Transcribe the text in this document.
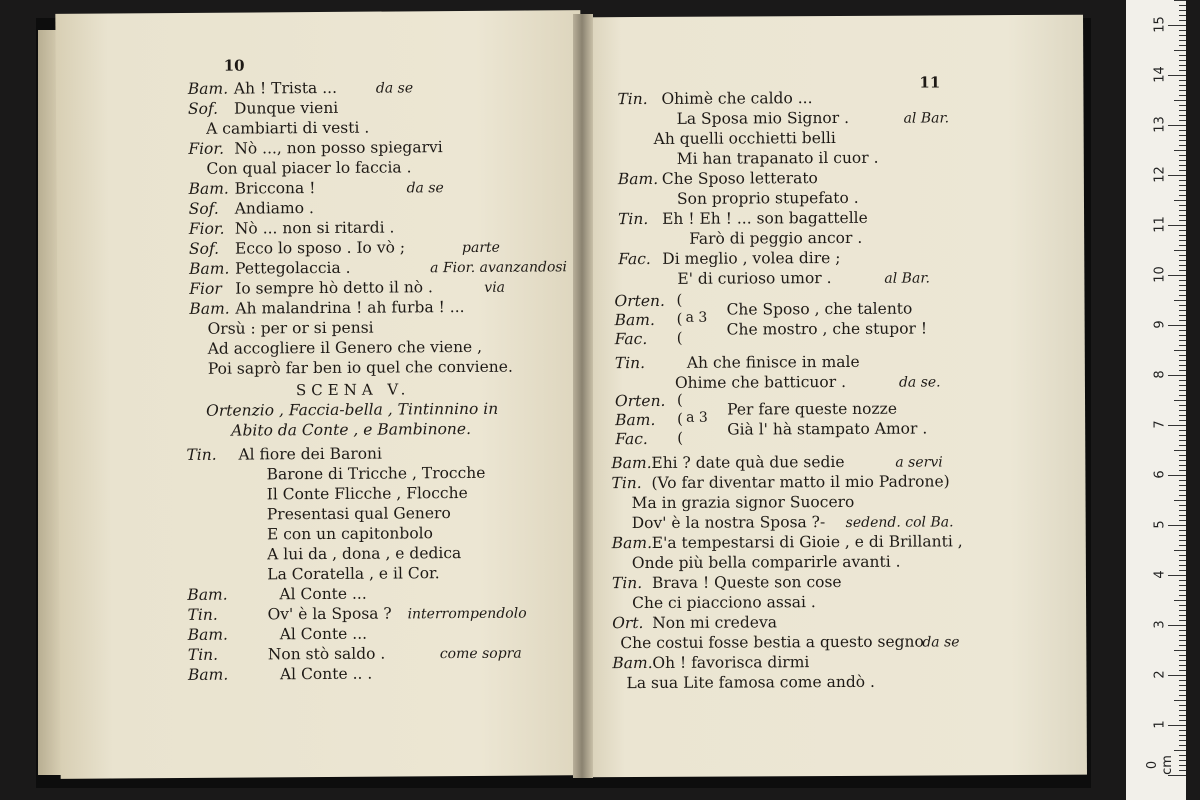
10
Bam. Ah ! Trista ...	da se
Sof. Dunque vieni
A cambiarti di vesti .
Fior. Nò ..., non posso spiegarvi
Con qual piacer lo faccia .
Bam. Briccona !	da se
Sof. Andiamo .
Fior. Nò ... non si ritardi .
Sof. Ecco lo sposo . Io vò ;	parte
Bam. Pettegolaccia .	a Fior. avanzandosi
Fior Io sempre hò detto il nò .	via
Bam. Ah malandrina ! ah furba ! ...
Orsù : per or si pensi
Ad accogliere il Genero che viene ,
Poi saprò far ben io quel che conviene.
SCENA V.
Ortenzio , Faccia-bella , Tintinnino in
Abito da Conte , e Bambinone.
Tin. Al fiore dei Baroni
Barone di Tricche , Trocche
Il Conte Flicche , Flocche
Presentasi qual Genero
E con un capitonbolo
A lui da , dona , e dedica
La Coratella , e il Cor.
Bam.	Al Conte ...
Tin.	Ov' è la Sposa ? interrompendolo
Bam.	Al Conte ...
Tin.	Non stò saldo .	come sopra
Bam.	Al Conte .. .
11
Tin. Ohimè che caldo ...
La Sposa mio Signor .	al Bar.
Ah quelli occhietti belli
Mi han trapanato il cuor .
Bam. Che Sposo letterato
Son proprio stupefato .
Tin. Eh ! Eh ! ... son bagattelle
Farò di peggio ancor .
Fac. Di meglio , volea dire ;
E' di curioso umor .	al Bar.
Orten. (
Bam. (
Fac. (
a 3 Che Sposo , che talento
Che mostro , che stupor !
Tin.	Ah che finisce in male
Ohime che batticuor .	da se.
Orten. (
Bam. (
Fac. (
a 3 Per fare queste nozze
Già l' hà stampato Amor .
Bam. Ehi ? date quà due sedie	a servi
Tin. (Vo far diventar matto il mio Padrone)
Ma in grazia signor Suocero
Dov' è la nostra Sposa ?- sedend. col Ba.
Bam. E'a tempestarsi di Gioie , e di Brillanti ,
Onde più bella comparirle avanti .
Tin. Brava ! Queste son cose
Che ci piacciono assai .
Ort. Non mi credeva
Che costui fosse bestia a questo segno
da se
Bam. Oh ! favorisca dirmi
La sua Lite famosa come andò .
1
2
3
4
5
6
7
8
9
10
11
12
13
14
15
0 cm
